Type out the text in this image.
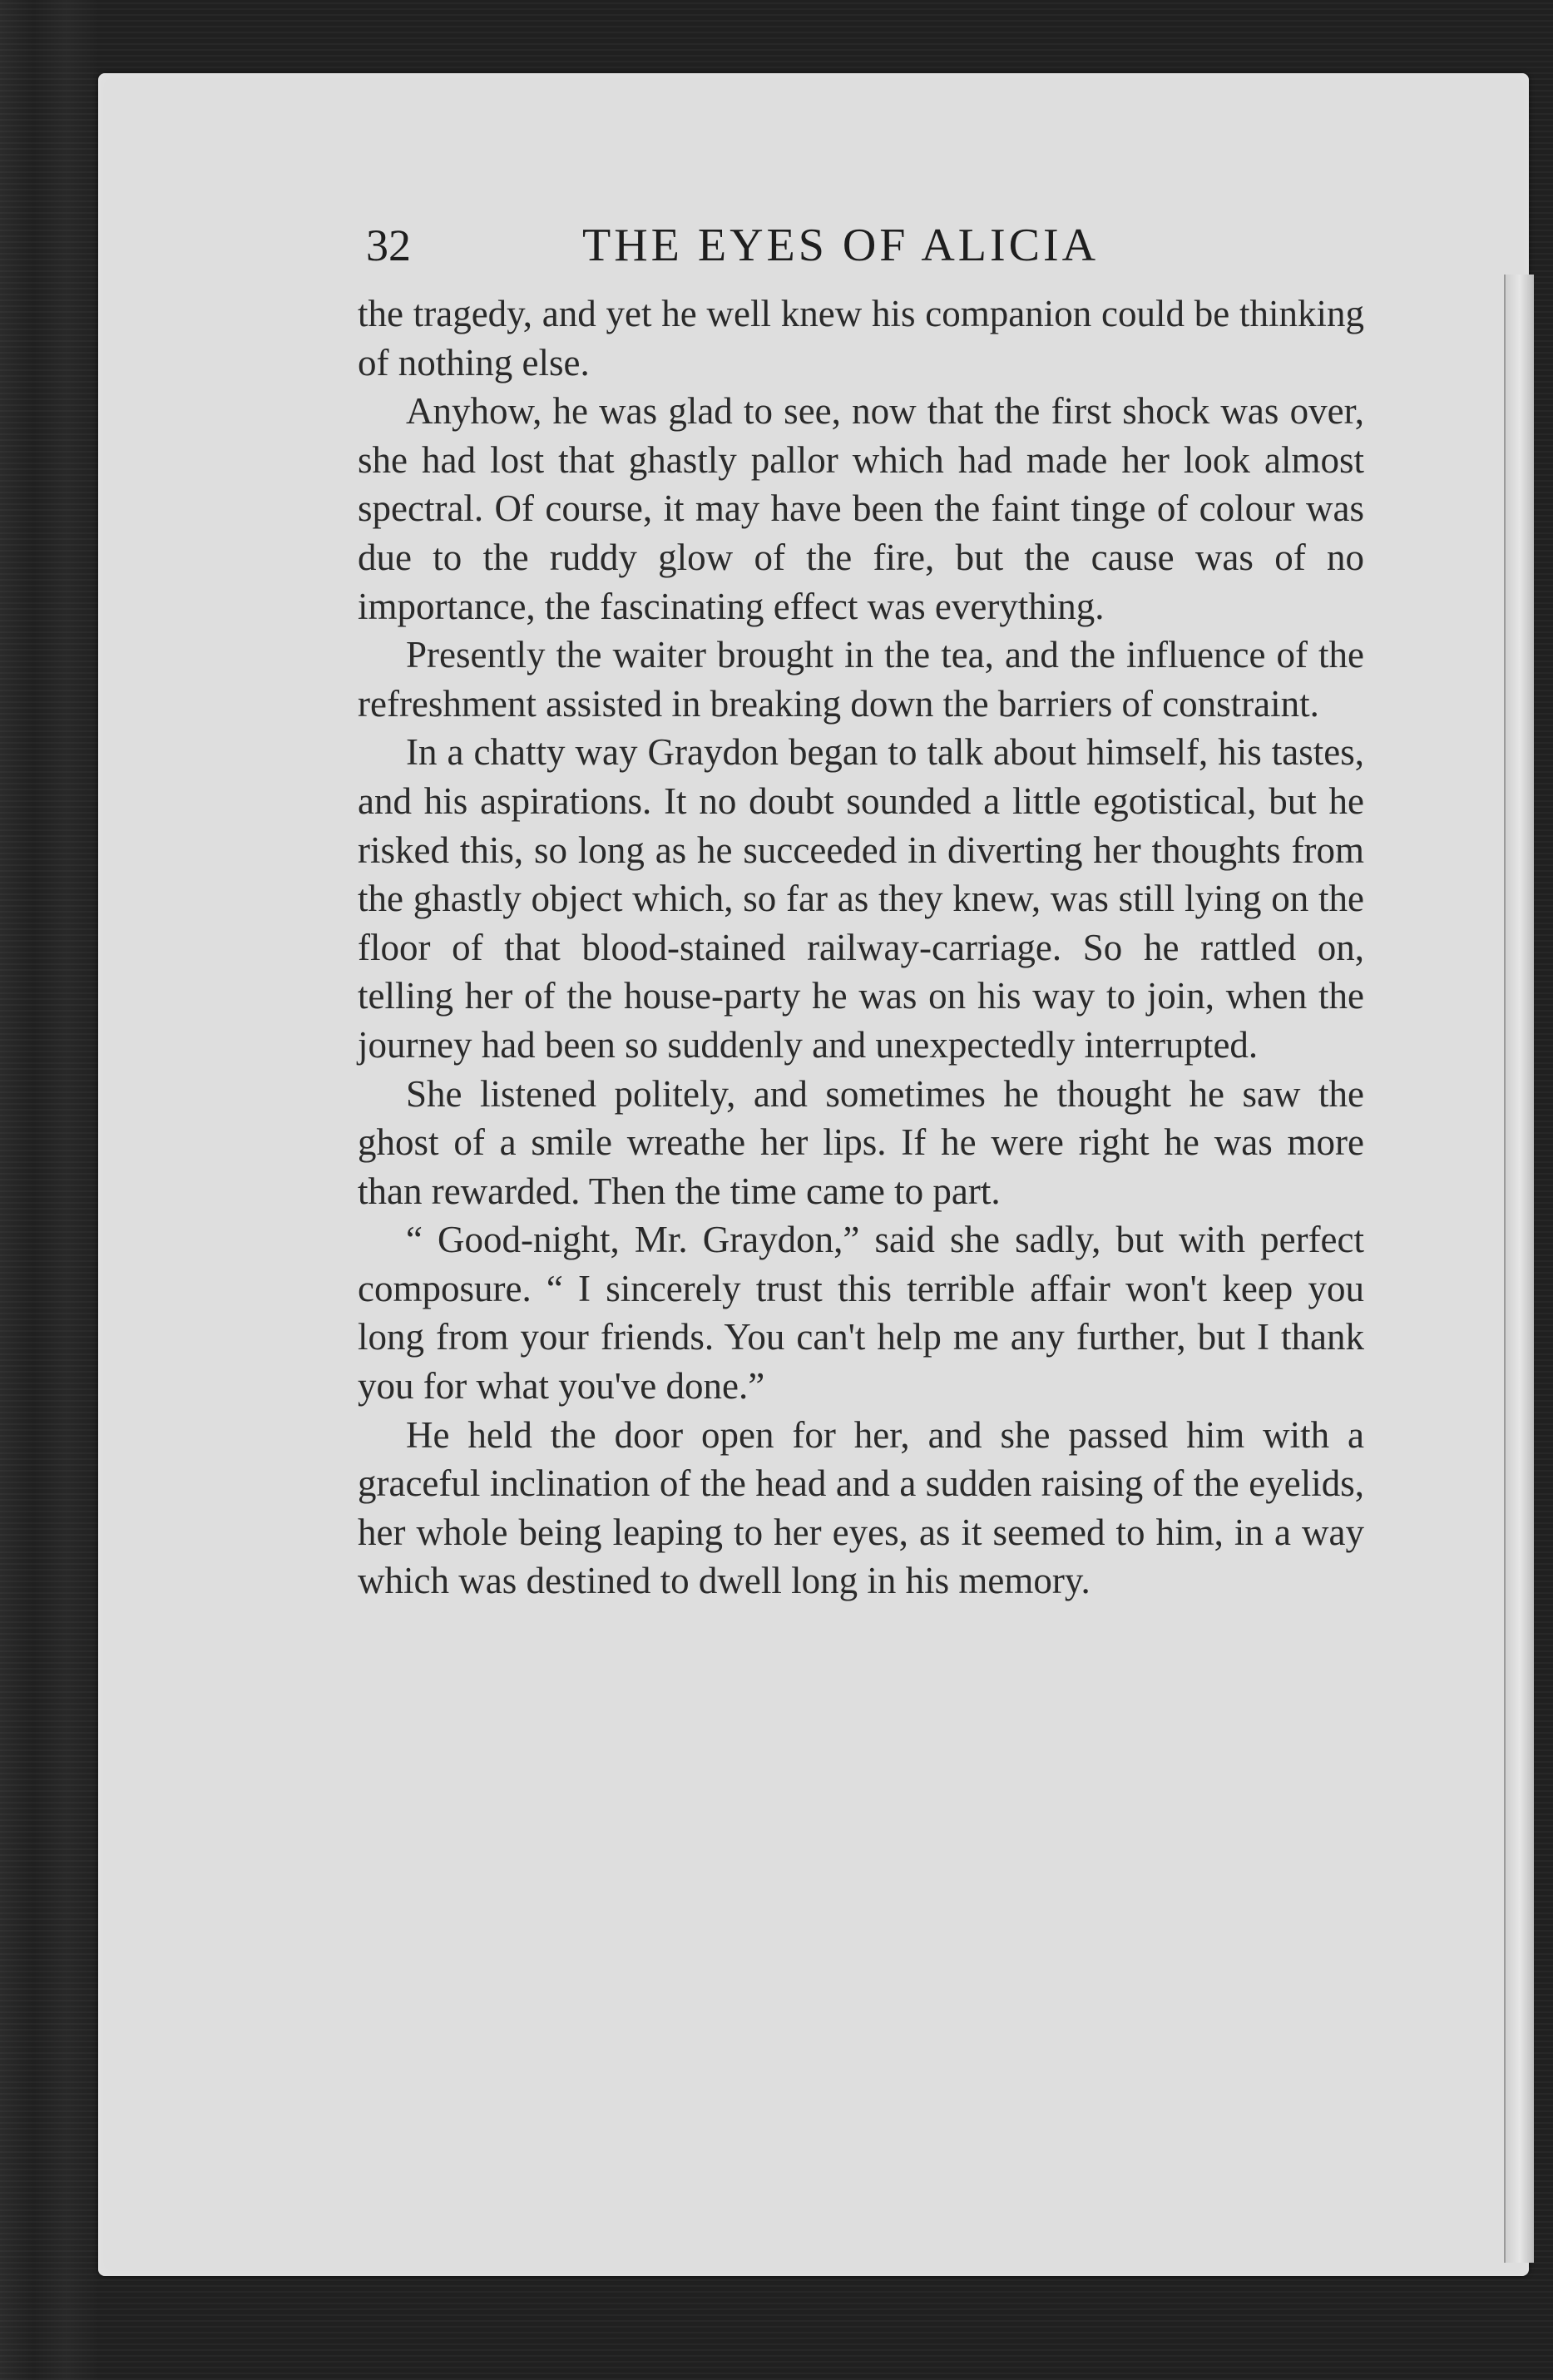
32	THE EYES OF ALICIA

the tragedy, and yet he well knew his companion could be thinking of nothing else.

Anyhow, he was glad to see, now that the first shock was over, she had lost that ghastly pallor which had made her look almost spectral. Of course, it may have been the faint tinge of colour was due to the ruddy glow of the fire, but the cause was of no importance, the fascinating effect was everything.

Presently the waiter brought in the tea, and the influence of the refreshment assisted in breaking down the barriers of constraint.

In a chatty way Graydon began to talk about himself, his tastes, and his aspirations. It no doubt sounded a little egotistical, but he risked this, so long as he succeeded in diverting her thoughts from the ghastly object which, so far as they knew, was still lying on the floor of that blood-stained railway-carriage. So he rattled on, telling her of the house-party he was on his way to join, when the journey had been so suddenly and unexpectedly interrupted.

She listened politely, and sometimes he thought he saw the ghost of a smile wreathe her lips. If he were right he was more than rewarded. Then the time came to part.

“ Good-night, Mr. Graydon,” said she sadly, but with perfect composure. “ I sincerely trust this terrible affair won't keep you long from your friends. You can't help me any further, but I thank you for what you've done.”

He held the door open for her, and she passed him with a graceful inclination of the head and a sudden raising of the eyelids, her whole being leaping to her eyes, as it seemed to him, in a way which was destined to dwell long in his memory.
